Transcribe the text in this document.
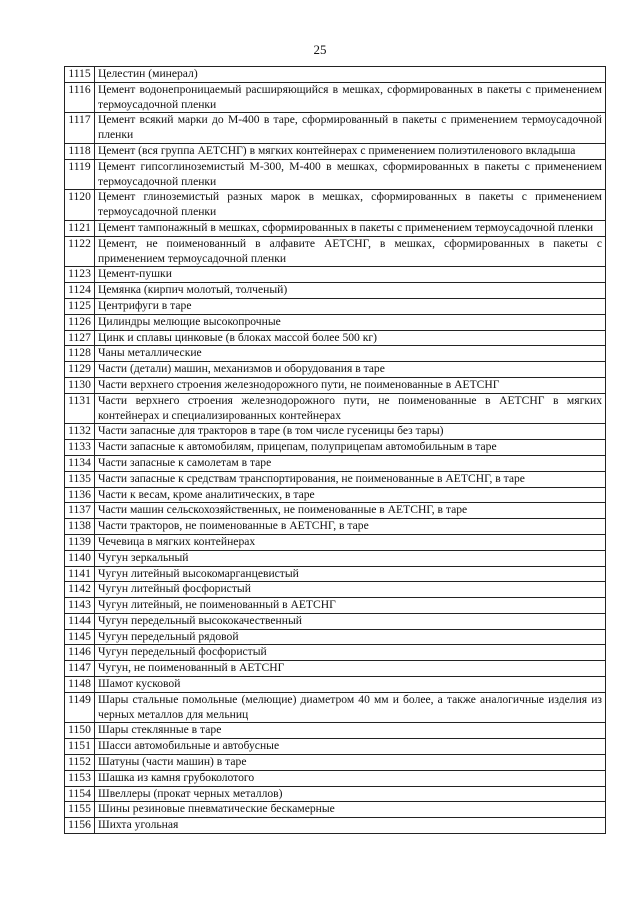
25
1115	Целестин (минерал)
1116	Цемент водонепроницаемый расширяющийся в мешках, сформированных в пакеты с применением термоусадочной пленки
1117	Цемент всякий марки до М-400 в таре, сформированный в пакеты с применением термоусадочной пленки
1118	Цемент (вся группа АЕТСНГ) в мягких контейнерах с применением полиэтиленового вкладыша
1119	Цемент гипсоглиноземистый М-300, М-400 в мешках, сформированных в пакеты с применением термоусадочной пленки
1120	Цемент глиноземистый разных марок в мешках, сформированных в пакеты с применением термоусадочной пленки
1121	Цемент тампонажный в мешках, сформированных в пакеты с применением термоусадочной пленки
1122	Цемент, не поименованный в алфавите АЕТСНГ, в мешках, сформированных в пакеты с применением термоусадочной пленки
1123	Цемент-пушки
1124	Цемянка (кирпич молотый, толченый)
1125	Центрифуги в таре
1126	Цилиндры мелющие высокопрочные
1127	Цинк и сплавы цинковые (в блоках массой более 500 кг)
1128	Чаны металлические
1129	Части (детали) машин, механизмов и оборудования в таре
1130	Части верхнего строения железнодорожного пути, не поименованные в АЕТСНГ
1131	Части верхнего строения железнодорожного пути, не поименованные в АЕТСНГ в мягких контейнерах и специализированных контейнерах
1132	Части запасные для тракторов в таре (в том числе гусеницы без тары)
1133	Части запасные к автомобилям, прицепам, полуприцепам автомобильным в таре
1134	Части запасные к самолетам в таре
1135	Части запасные к средствам транспортирования, не поименованные в АЕТСНГ, в таре
1136	Части к весам, кроме аналитических, в таре
1137	Части машин сельскохозяйственных, не поименованные в АЕТСНГ, в таре
1138	Части тракторов, не поименованные в АЕТСНГ, в таре
1139	Чечевица в мягких контейнерах
1140	Чугун зеркальный
1141	Чугун литейный высокомарганцевистый
1142	Чугун литейный фосфористый
1143	Чугун литейный, не поименованный в АЕТСНГ
1144	Чугун передельный высококачественный
1145	Чугун передельный рядовой
1146	Чугун передельный фосфористый
1147	Чугун, не поименованный в АЕТСНГ
1148	Шамот кусковой
1149	Шары стальные помольные (мелющие) диаметром 40 мм и более, а также аналогичные изделия из черных металлов для мельниц
1150	Шары стеклянные в таре
1151	Шасси автомобильные и автобусные
1152	Шатуны (части машин) в таре
1153	Шашка из камня грубоколотого
1154	Швеллеры (прокат черных металлов)
1155	Шины резиновые пневматические бескамерные
1156	Шихта угольная
